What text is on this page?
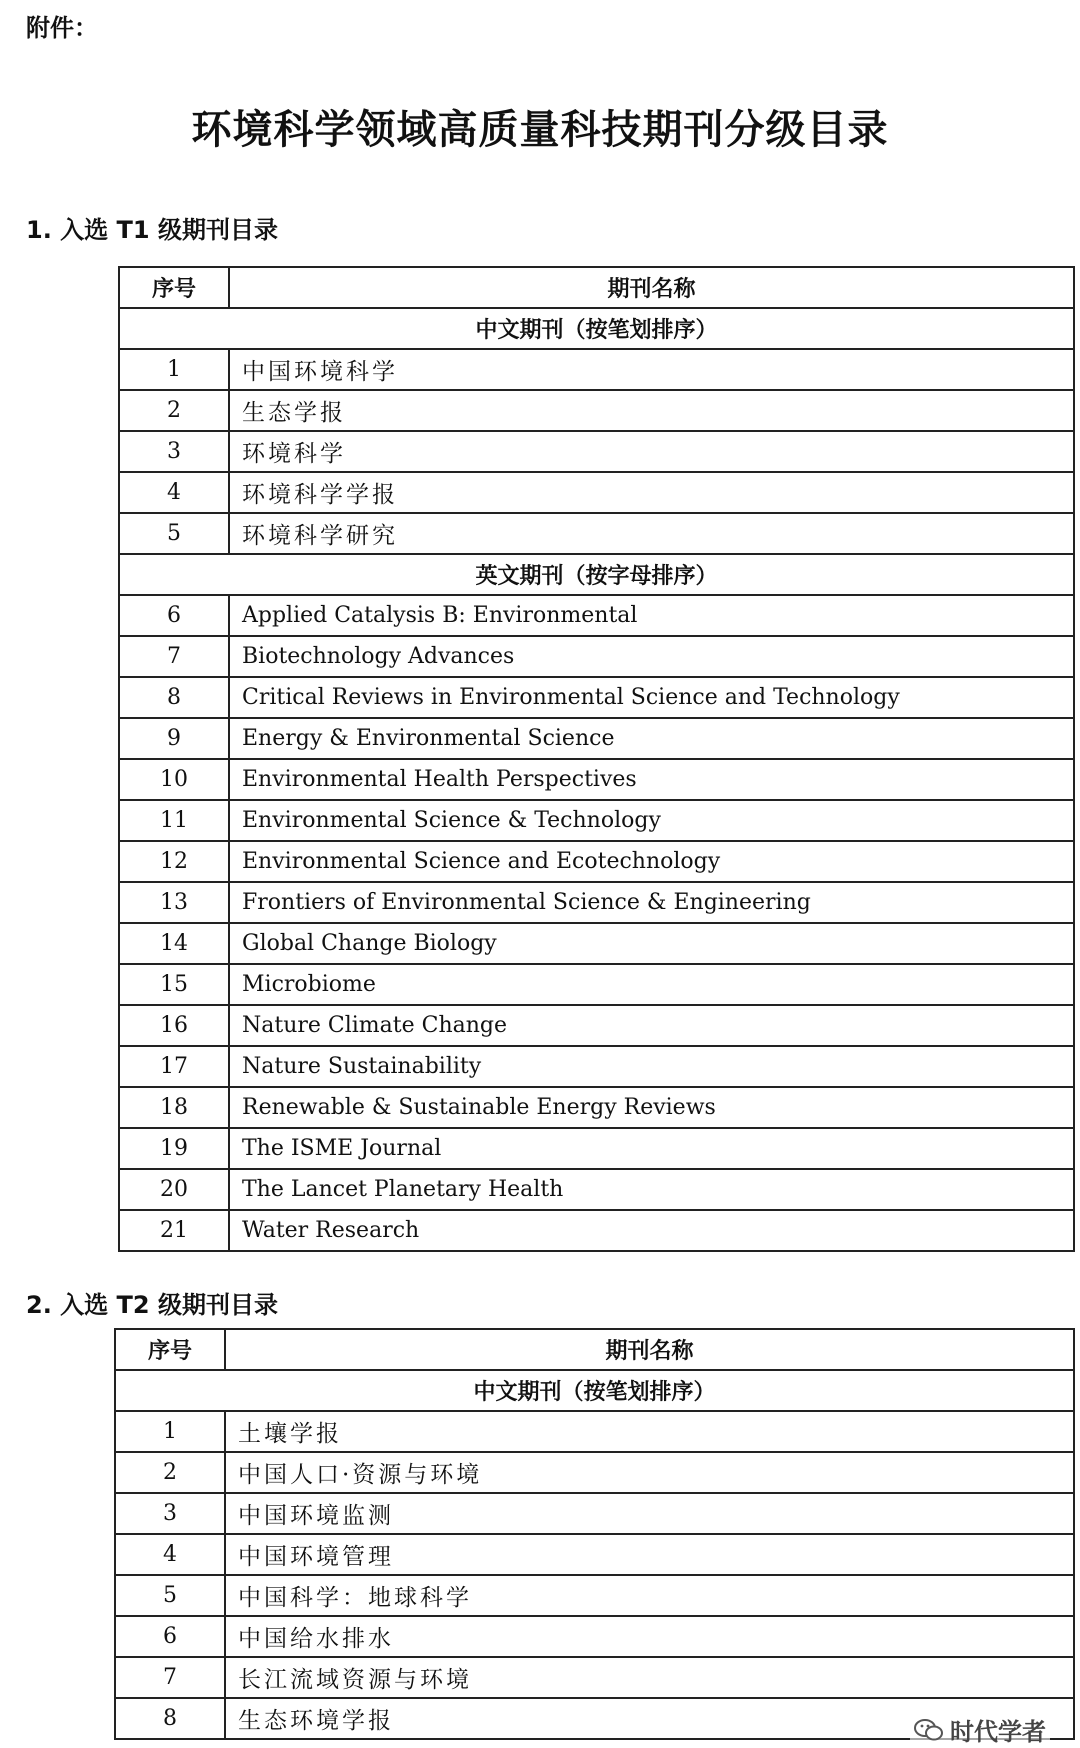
附件：
环境科学领域高质量科技期刊分级目录
1. 入选 T1 级期刊目录
序号	期刊名称
中文期刊（按笔划排序）	
1	中国环境科学
2	生态学报
3	环境科学
4	环境科学学报
5	环境科学研究
英文期刊（按字母排序）	
6	Applied Catalysis B: Environmental
7	Biotechnology Advances
8	Critical Reviews in Environmental Science and Technology
9	Energy & Environmental Science
10	Environmental Health Perspectives
11	Environmental Science & Technology
12	Environmental Science and Ecotechnology
13	Frontiers of Environmental Science & Engineering
14	Global Change Biology
15	Microbiome
16	Nature Climate Change
17	Nature Sustainability
18	Renewable & Sustainable Energy Reviews
19	The ISME Journal
20	The Lancet Planetary Health
21	Water Research
2. 入选 T2 级期刊目录
序号	期刊名称
中文期刊（按笔划排序）	
1	土壤学报
2	中国人口·资源与环境
3	中国环境监测
4	中国环境管理
5	中国科学：地球科学
6	中国给水排水
7	长江流域资源与环境
8	生态环境学报	时代学者
